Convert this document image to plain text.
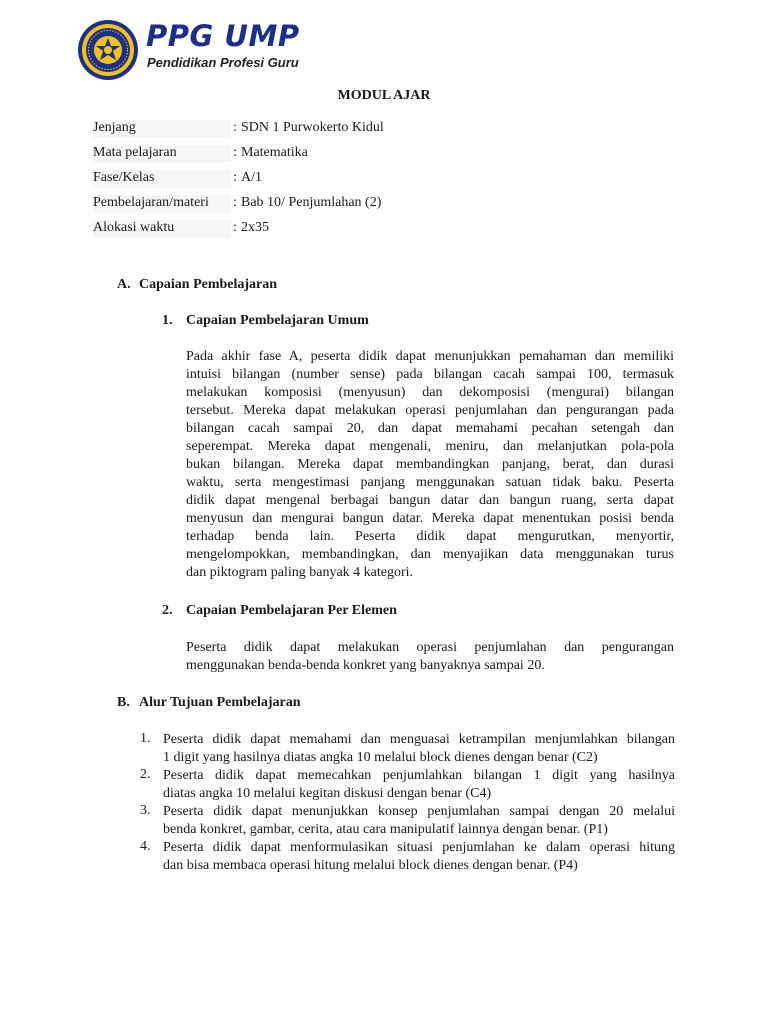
PPG UMP
Pendidikan Profesi Guru
MODUL AJAR
Jenjang	: SDN 1 Purwokerto Kidul
Mata pelajaran	: Matematika
Fase/Kelas	: A/1
Pembelajaran/materi : Bab 10/ Penjumlahan (2)
Alokasi waktu	: 2x35
A. Capaian Pembelajaran
1. Capaian Pembelajaran Umum
Pada akhir fase A, peserta didik dapat menunjukkan pemahaman dan memiliki
intuisi bilangan (number sense) pada bilangan cacah sampai 100, termasuk
melakukan komposisi (menyusun) dan dekomposisi (mengurai) bilangan
tersebut. Mereka dapat melakukan operasi penjumlahan dan pengurangan pada
bilangan cacah sampai 20, dan dapat memahami pecahan setengah dan
seperempat. Mereka dapat mengenali, meniru, dan melanjutkan pola-pola
bukan bilangan. Mereka dapat membandingkan panjang, berat, dan durasi
waktu, serta mengestimasi panjang menggunakan satuan tidak baku. Peserta
didik dapat mengenal berbagai bangun datar dan bangun ruang, serta dapat
menyusun dan mengurai bangun datar. Mereka dapat menentukan posisi benda
terhadap benda lain. Peserta didik dapat mengurutkan, menyortir,
mengelompokkan, membandingkan, dan menyajikan data menggunakan turus
dan piktogram paling banyak 4 kategori.
2. Capaian Pembelajaran Per Elemen
Peserta didik dapat melakukan operasi penjumlahan dan pengurangan
menggunakan benda-benda konkret yang banyaknya sampai 20.
B. Alur Tujuan Pembelajaran
1. Peserta didik dapat memahami dan menguasai ketrampilan menjumlahkan bilangan
1 digit yang hasilnya diatas angka 10 melalui block dienes dengan benar (C2)
2. Peserta didik dapat memecahkan penjumlahkan bilangan 1 digit yang hasilnya
diatas angka 10 melalui kegitan diskusi dengan benar (C4)
3. Peserta didik dapat menunjukkan konsep penjumlahan sampai dengan 20 melalui
benda konkret, gambar, cerita, atau cara manipulatif lainnya dengan benar. (P1)
4. Peserta didik dapat menformulasikan situasi penjumlahan ke dalam operasi hitung
dan bisa membaca operasi hitung melalui block dienes dengan benar. (P4)
